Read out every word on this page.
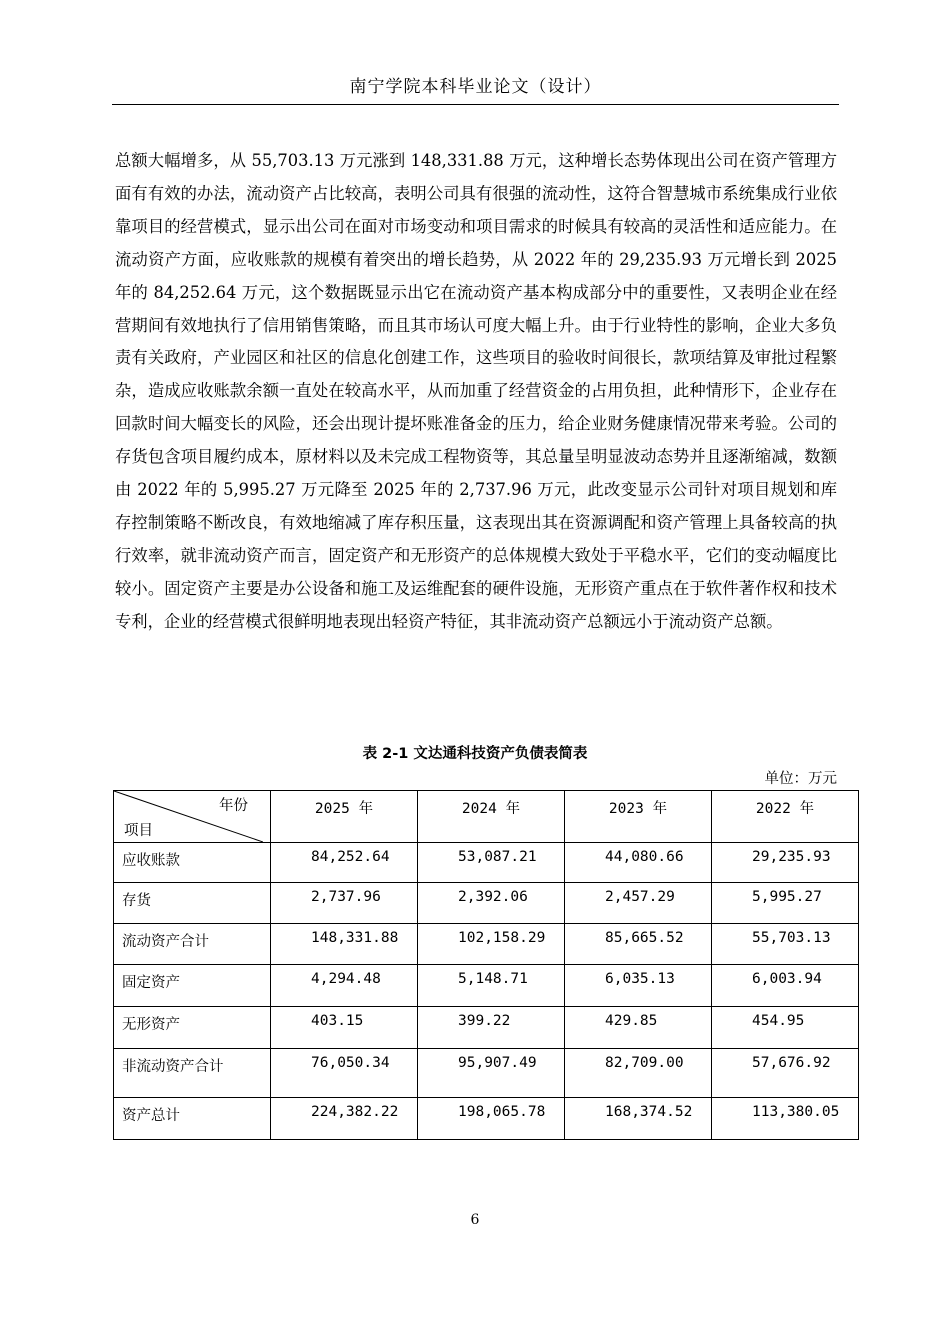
南宁学院本科毕业论文（设计）

总额大幅增多，从 55,703.13 万元涨到 148,331.88 万元，这种增长态势体现出公司在资产管理方面有有效的办法，流动资产占比较高，表明公司具有很强的流动性，这符合智慧城市系统集成行业依靠项目的经营模式，显示出公司在面对市场变动和项目需求的时候具有较高的灵活性和适应能力。在流动资产方面，应收账款的规模有着突出的增长趋势，从 2022 年的 29,235.93 万元增长到 2025 年的 84,252.64 万元，这个数据既显示出它在流动资产基本构成部分中的重要性，又表明企业在经营期间有效地执行了信用销售策略，而且其市场认可度大幅上升。由于行业特性的影响，企业大多负责有关政府，产业园区和社区的信息化创建工作，这些项目的验收时间很长，款项结算及审批过程繁杂，造成应收账款余额一直处在较高水平，从而加重了经营资金的占用负担，此种情形下，企业存在回款时间大幅变长的风险，还会出现计提坏账准备金的压力，给企业财务健康情况带来考验。公司的存货包含项目履约成本，原材料以及未完成工程物资等，其总量呈明显波动态势并且逐渐缩减，数额由 2022 年的 5,995.27 万元降至 2025 年的 2,737.96 万元，此改变显示公司针对项目规划和库存控制策略不断改良，有效地缩减了库存积压量，这表现出其在资源调配和资产管理上具备较高的执行效率，就非流动资产而言，固定资产和无形资产的总体规模大致处于平稳水平，它们的变动幅度比较小。固定资产主要是办公设备和施工及运维配套的硬件设施，无形资产重点在于软件著作权和技术专利，企业的经营模式很鲜明地表现出轻资产特征，其非流动资产总额远小于流动资产总额。

表 2-1 文达通科技资产负债表简表
单位：万元
年份
项目	2025 年	2024 年	2023 年	2022 年
应收账款	84,252.64	53,087.21	44,080.66	29,235.93
存货	2,737.96	2,392.06	2,457.29	5,995.27
流动资产合计	148,331.88	102,158.29	85,665.52	55,703.13
固定资产	4,294.48	5,148.71	6,035.13	6,003.94
无形资产	403.15	399.22	429.85	454.95
非流动资产合计	76,050.34	95,907.49	82,709.00	57,676.92
资产总计	224,382.22	198,065.78	168,374.52	113,380.05
6
